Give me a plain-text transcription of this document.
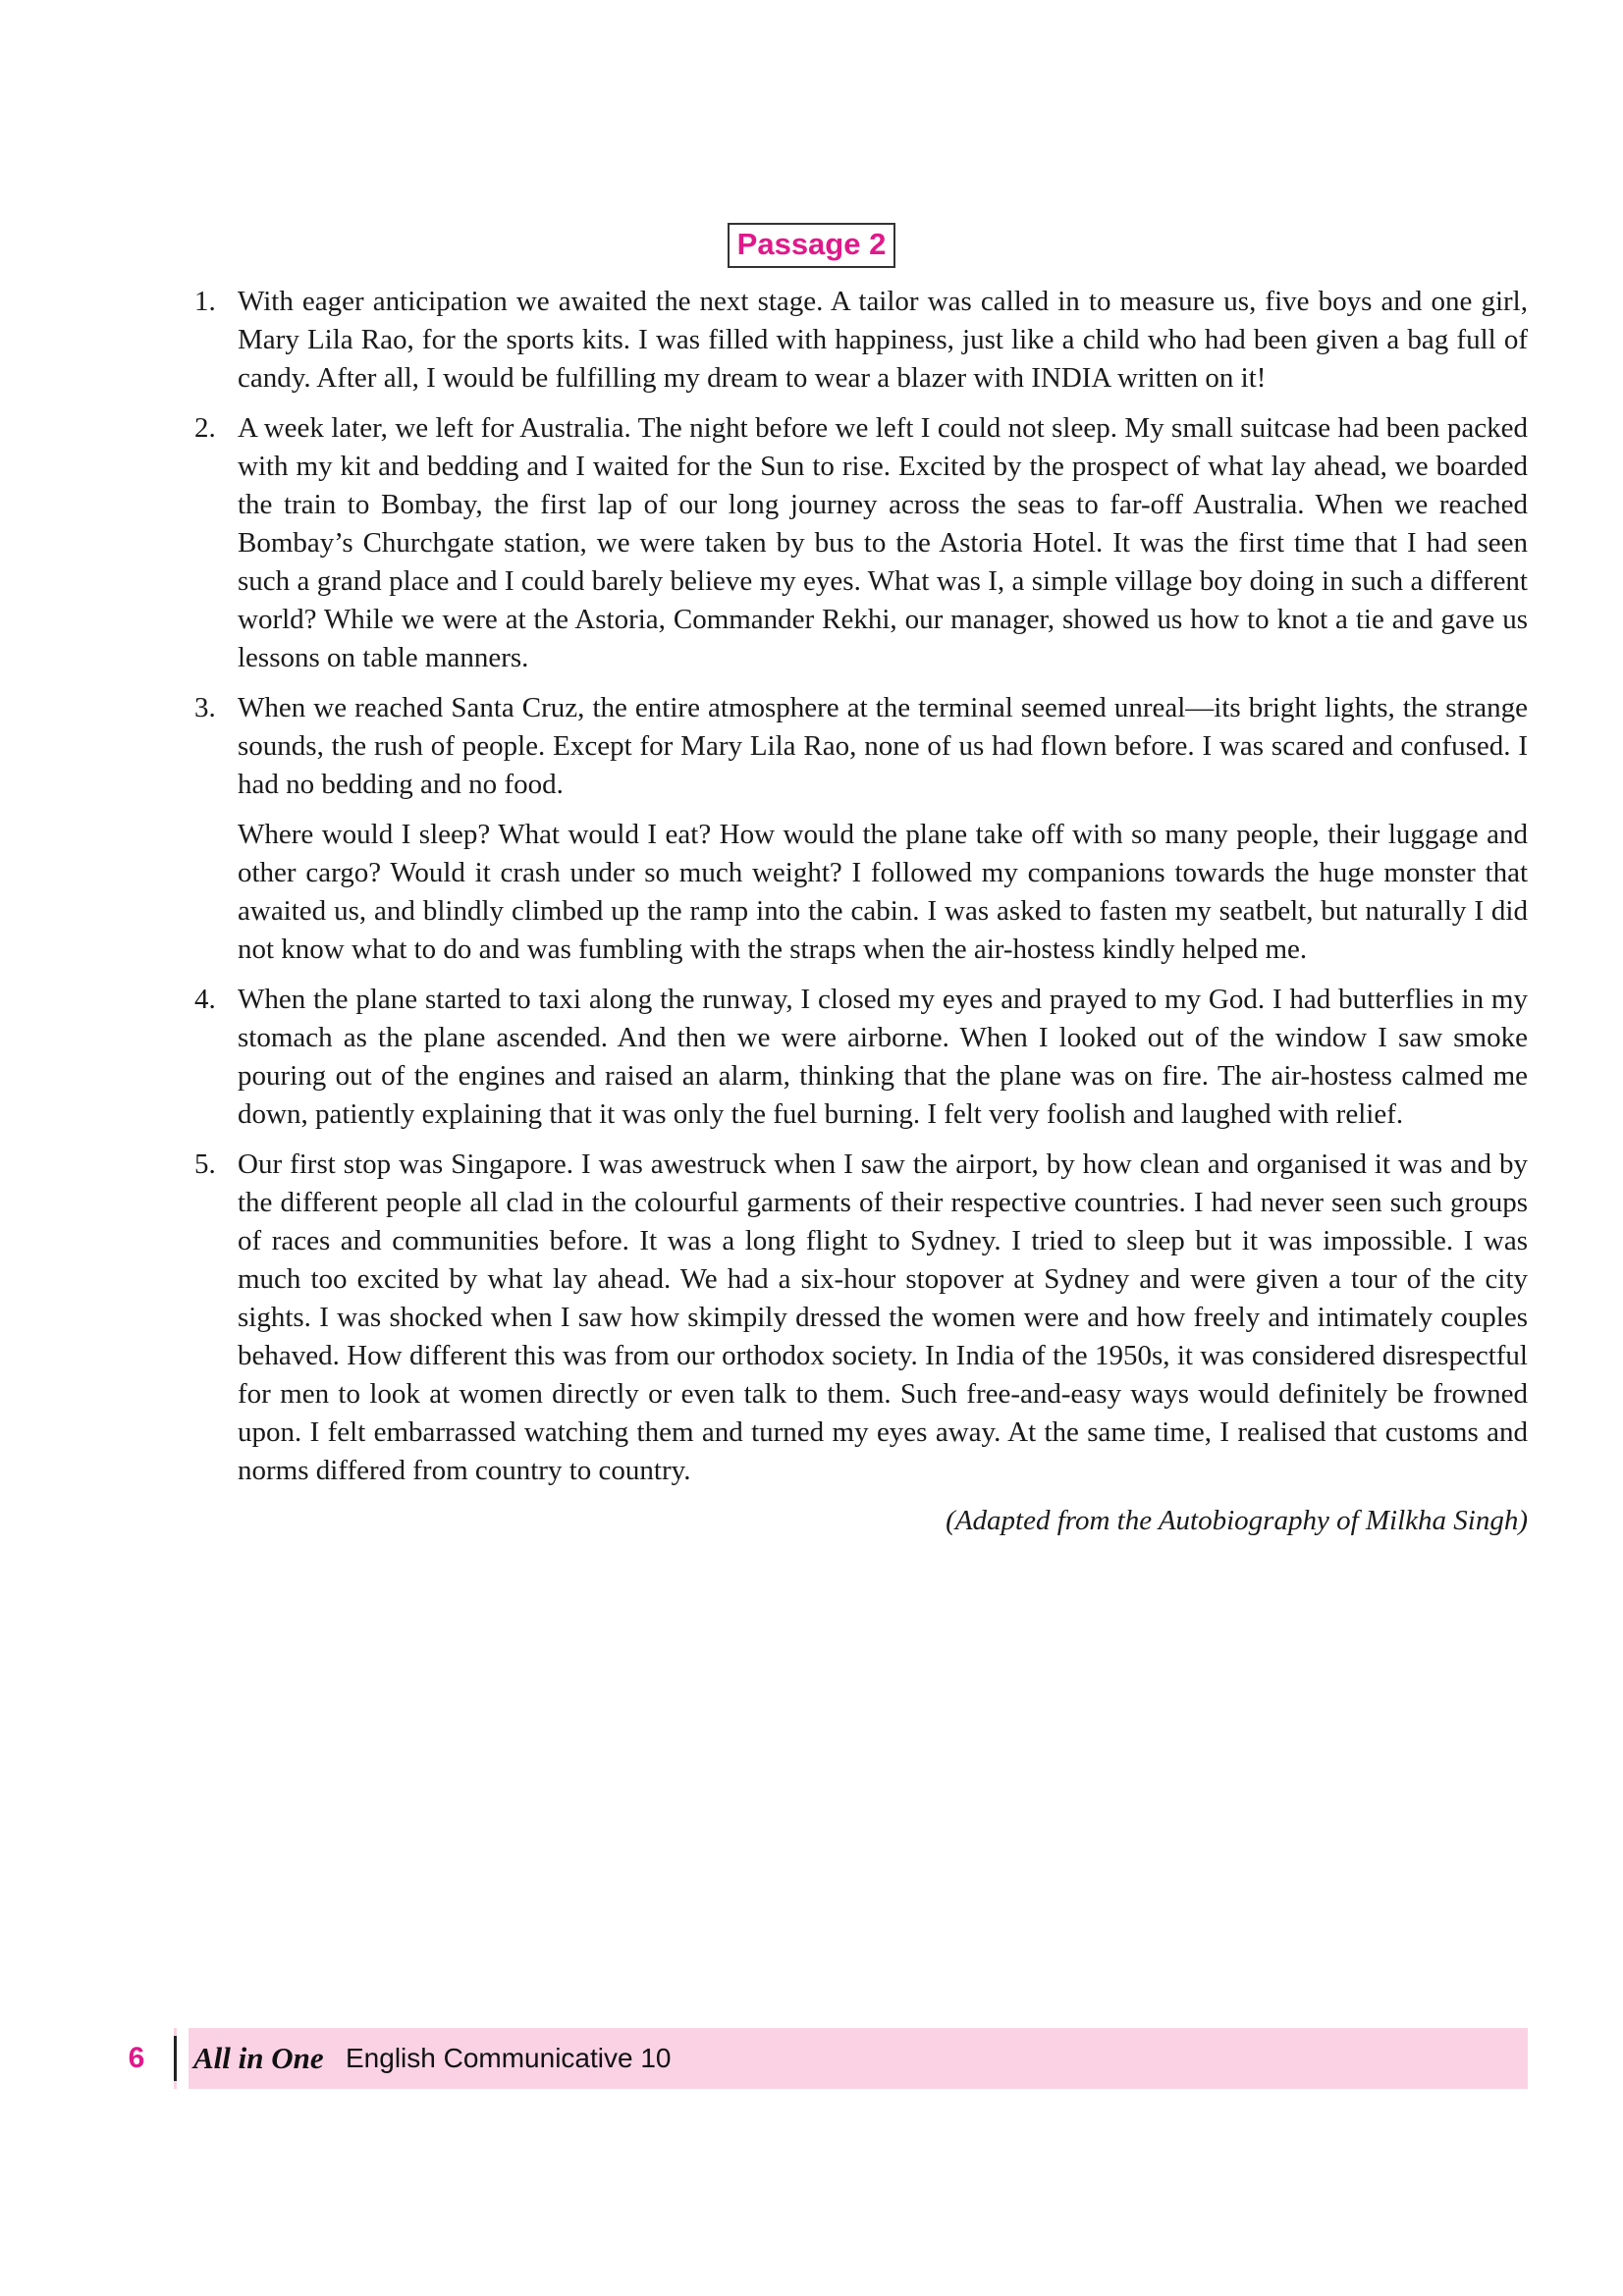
Passage 2
1. With eager anticipation we awaited the next stage. A tailor was called in to measure us, five boys and one girl, Mary Lila Rao, for the sports kits. I was filled with happiness, just like a child who had been given a bag full of candy. After all, I would be fulfilling my dream to wear a blazer with INDIA written on it!

2. A week later, we left for Australia. The night before we left I could not sleep. My small suitcase had been packed with my kit and bedding and I waited for the Sun to rise. Excited by the prospect of what lay ahead, we boarded the train to Bombay, the first lap of our long journey across the seas to far-off Australia. When we reached Bombay’s Churchgate station, we were taken by bus to the Astoria Hotel. It was the first time that I had seen such a grand place and I could barely believe my eyes. What was I, a simple village boy doing in such a different world? While we were at the Astoria, Commander Rekhi, our manager, showed us how to knot a tie and gave us lessons on table manners.

3. When we reached Santa Cruz, the entire atmosphere at the terminal seemed unreal—its bright lights, the strange sounds, the rush of people. Except for Mary Lila Rao, none of us had flown before. I was scared and confused. I had no bedding and no food.

Where would I sleep? What would I eat? How would the plane take off with so many people, their luggage and other cargo? Would it crash under so much weight? I followed my companions towards the huge monster that awaited us, and blindly climbed up the ramp into the cabin. I was asked to fasten my seatbelt, but naturally I did not know what to do and was fumbling with the straps when the air-hostess kindly helped me.

4. When the plane started to taxi along the runway, I closed my eyes and prayed to my God. I had butterflies in my stomach as the plane ascended. And then we were airborne. When I looked out of the window I saw smoke pouring out of the engines and raised an alarm, thinking that the plane was on fire. The air-hostess calmed me down, patiently explaining that it was only the fuel burning. I felt very foolish and laughed with relief.

5. Our first stop was Singapore. I was awestruck when I saw the airport, by how clean and organised it was and by the different people all clad in the colourful garments of their respective countries. I had never seen such groups of races and communities before. It was a long flight to Sydney. I tried to sleep but it was impossible. I was much too excited by what lay ahead. We had a six-hour stopover at Sydney and were given a tour of the city sights. I was shocked when I saw how skimpily dressed the women were and how freely and intimately couples behaved. How different this was from our orthodox society. In India of the 1950s, it was considered disrespectful for men to look at women directly or even talk to them. Such free-and-easy ways would definitely be frowned upon. I felt embarrassed watching them and turned my eyes away. At the same time, I realised that customs and norms differed from country to country.

(Adapted from the Autobiography of Milkha Singh)
6	All in One English Communicative 10
